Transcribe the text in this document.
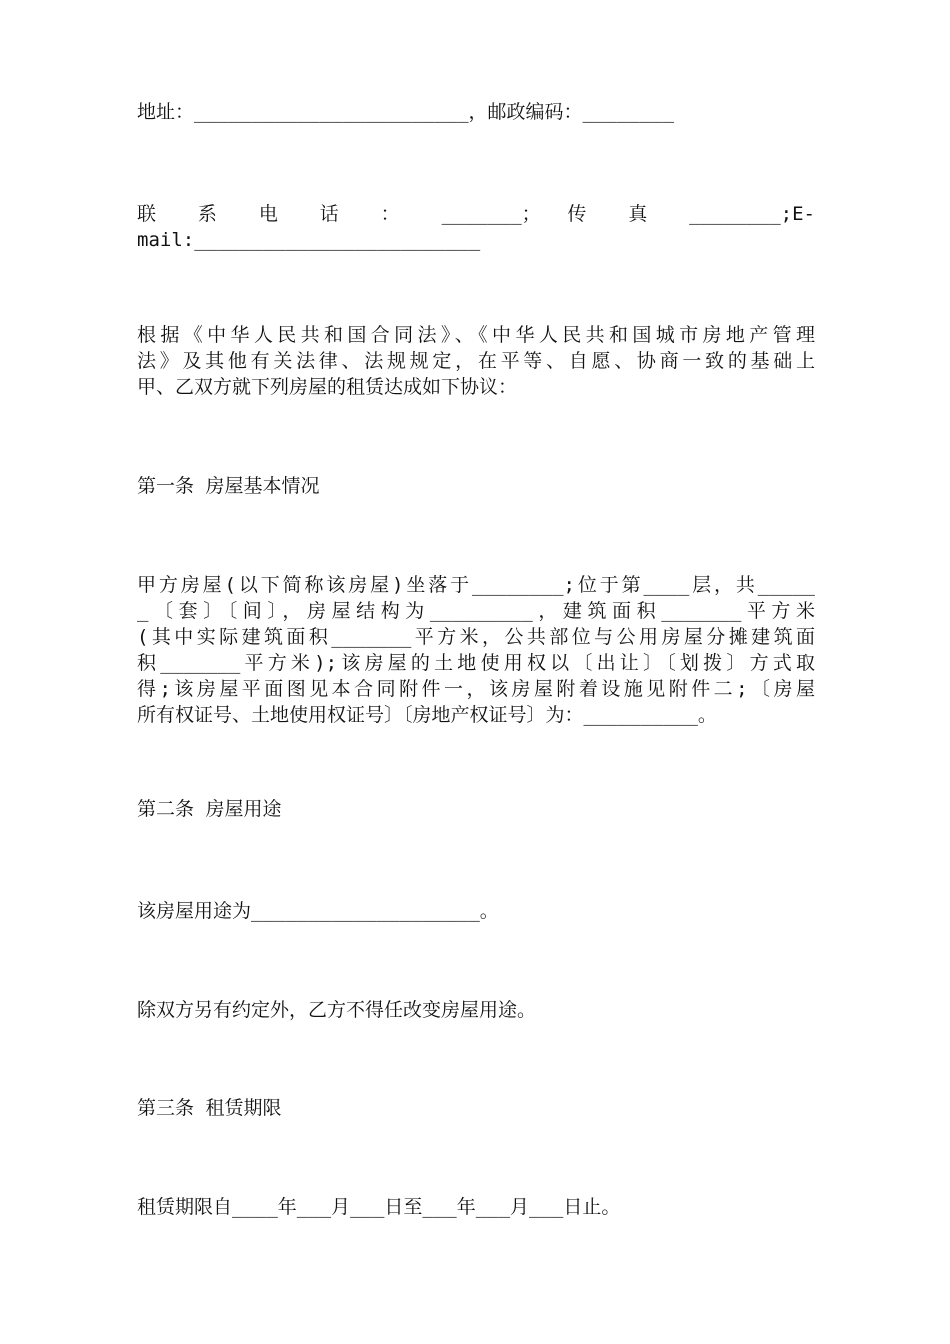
地址：________________________，邮政编码：________
联 系 电 话 ： _______； 传 真 ________;E-
mail:_________________________
根据《中华人民共和国合同法》、《中华人民共和国城市房地产管理
法》及其他有关法律、法规规定，在平等、自愿、协商一致的基础上
甲、乙双方就下列房屋的租赁达成如下协议：
第一条 房屋基本情况
甲方房屋(以下简称该房屋)坐落于________;位于第____层，共_____
_〔套〕〔间〕，房屋结构为_________，建筑面积_______平方米
(其中实际建筑面积_______平方米，公共部位与公用房屋分摊建筑面
积_______平方米);该房屋的土地使用权以〔出让〕〔划拨〕方式取
得;该房屋平面图见本合同附件一，该房屋附着设施见附件二;〔房屋
所有权证号、土地使用权证号〕〔房地产权证号〕为：__________。
第二条 房屋用途
该房屋用途为____________________。
除双方另有约定外，乙方不得任改变房屋用途。
第三条 租赁期限
租赁期限自____年___月___日至___年___月___日止。
